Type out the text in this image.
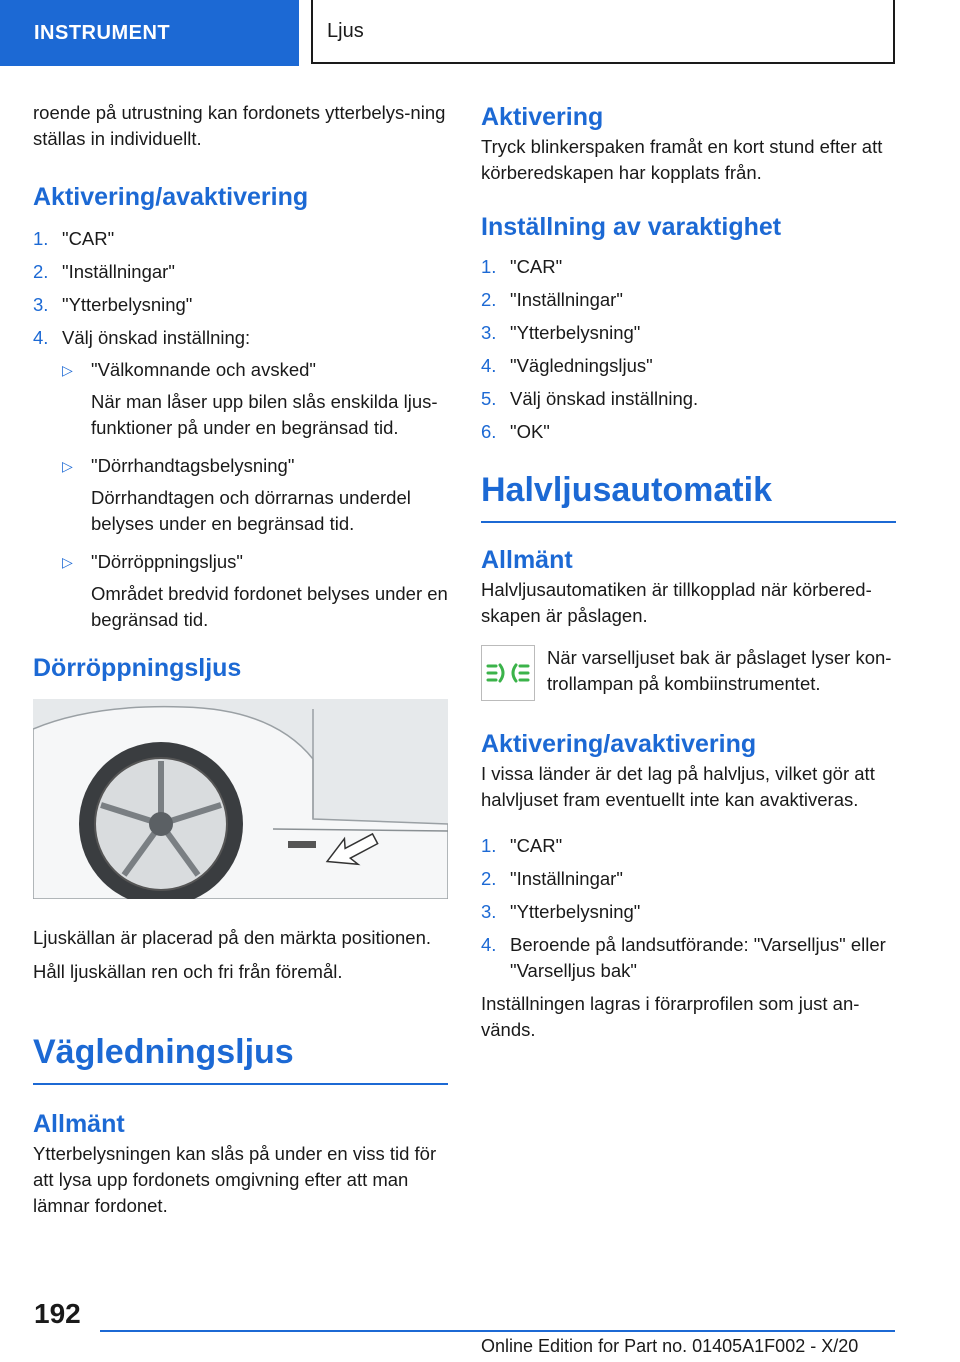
INSTRUMENT	Ljus

roende på utrustning kan fordonets ytterbelys-ning ställas in individuellt.

Aktivering/avaktivering
1. "CAR"
2. "Inställningar"
3. "Ytterbelysning"
4. Välj önskad inställning:
▷ "Välkomnande och avsked"
När man låser upp bilen slås enskilda ljus-funktioner på under en begränsad tid.
▷ "Dörrhandtagsbelysning"
Dörrhandtagen och dörrarnas underdel belyses under en begränsad tid.
▷ "Dörröppningsljus"
Området bredvid fordonet belyses under en begränsad tid.
Dörröppningsljus

Ljuskällan är placerad på den märkta positionen.

Håll ljuskällan ren och fri från föremål.

Vägledningsljus
Allmänt

Ytterbelysningen kan slås på under en viss tid för att lysa upp fordonets omgivning efter att man lämnar fordonet.

Aktivering

Tryck blinkerspaken framåt en kort stund efter att körberedskapen har kopplats från.

Inställning av varaktighet
1. "CAR"
2. "Inställningar"
3. "Ytterbelysning"
4. "Vägledningsljus"
5. Välj önskad inställning.
6. "OK"
Halvljusautomatik
Allmänt

Halvljusautomatiken är tillkopplad när körbered-skapen är påslagen.

När varselljuset bak är påslaget lyser kon-trollampan på kombiinstrumentet.

Aktivering/avaktivering

I vissa länder är det lag på halvljus, vilket gör att halvljuset fram eventuellt inte kan avaktiveras.

1. "CAR"
2. "Inställningar"
3. "Ytterbelysning"
4. Beroende på landsutförande: "Varselljus" eller "Varselljus bak"

Inställningen lagras i förarprofilen som just an-vänds.

192
Online Edition for Part no. 01405A1F002 - X/20
